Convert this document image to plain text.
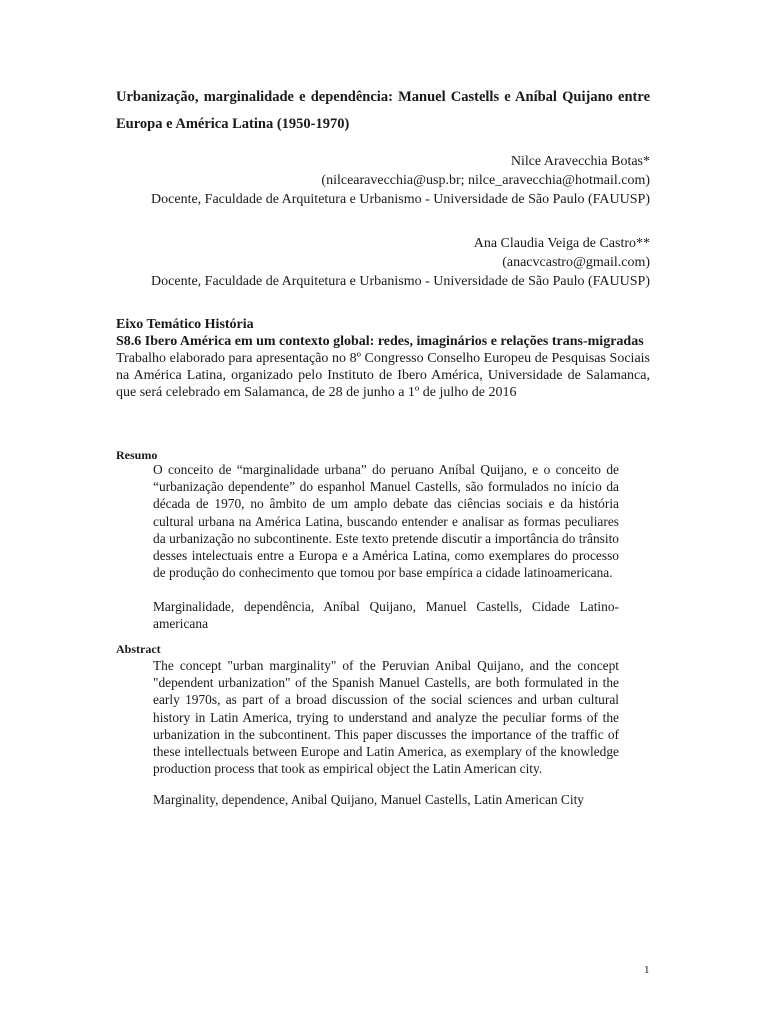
Urbanização, marginalidade e dependência: Manuel Castells e Aníbal Quijano entre Europa e América Latina (1950-1970)
Nilce Aravecchia Botas*
(nilcearavecchia@usp.br; nilce_aravecchia@hotmail.com)
Docente, Faculdade de Arquitetura e Urbanismo - Universidade de São Paulo (FAUUSP)
Ana Claudia Veiga de Castro**
(anacvcastro@gmail.com)
Docente, Faculdade de Arquitetura e Urbanismo - Universidade de São Paulo (FAUUSP)
Eixo Temático História
S8.6 Ibero América em um contexto global: redes, imaginários e relações trans-migradas
Trabalho elaborado para apresentação no 8º Congresso Conselho Europeu de Pesquisas Sociais na América Latina, organizado pelo Instituto de Ibero América, Universidade de Salamanca, que será celebrado em Salamanca, de 28 de junho a 1º de julho de 2016
Resumo
O conceito de “marginalidade urbana” do peruano Aníbal Quijano, e o conceito de “urbanização dependente” do espanhol Manuel Castells, são formulados no início da década de 1970, no âmbito de um amplo debate das ciências sociais e da história cultural urbana na América Latina, buscando entender e analisar as formas peculiares da urbanização no subcontinente. Este texto pretende discutir a importância do trânsito desses intelectuais entre a Europa e a América Latina, como exemplares do processo de produção do conhecimento que tomou por base empírica a cidade latinoamericana.
Marginalidade, dependência, Aníbal Quijano, Manuel Castells, Cidade Latino-americana
Abstract
The concept "urban marginality" of the Peruvian Anibal Quijano, and the concept "dependent urbanization" of the Spanish Manuel Castells, are both formulated in the early 1970s, as part of a broad discussion of the social sciences and urban cultural history in Latin America, trying to understand and analyze the peculiar forms of the urbanization in the subcontinent. This paper discusses the importance of the traffic of these intellectuals between Europe and Latin America, as exemplary of the knowledge production process that took as empirical object the Latin American city.
Marginality, dependence, Anibal Quijano, Manuel Castells, Latin American City
1
